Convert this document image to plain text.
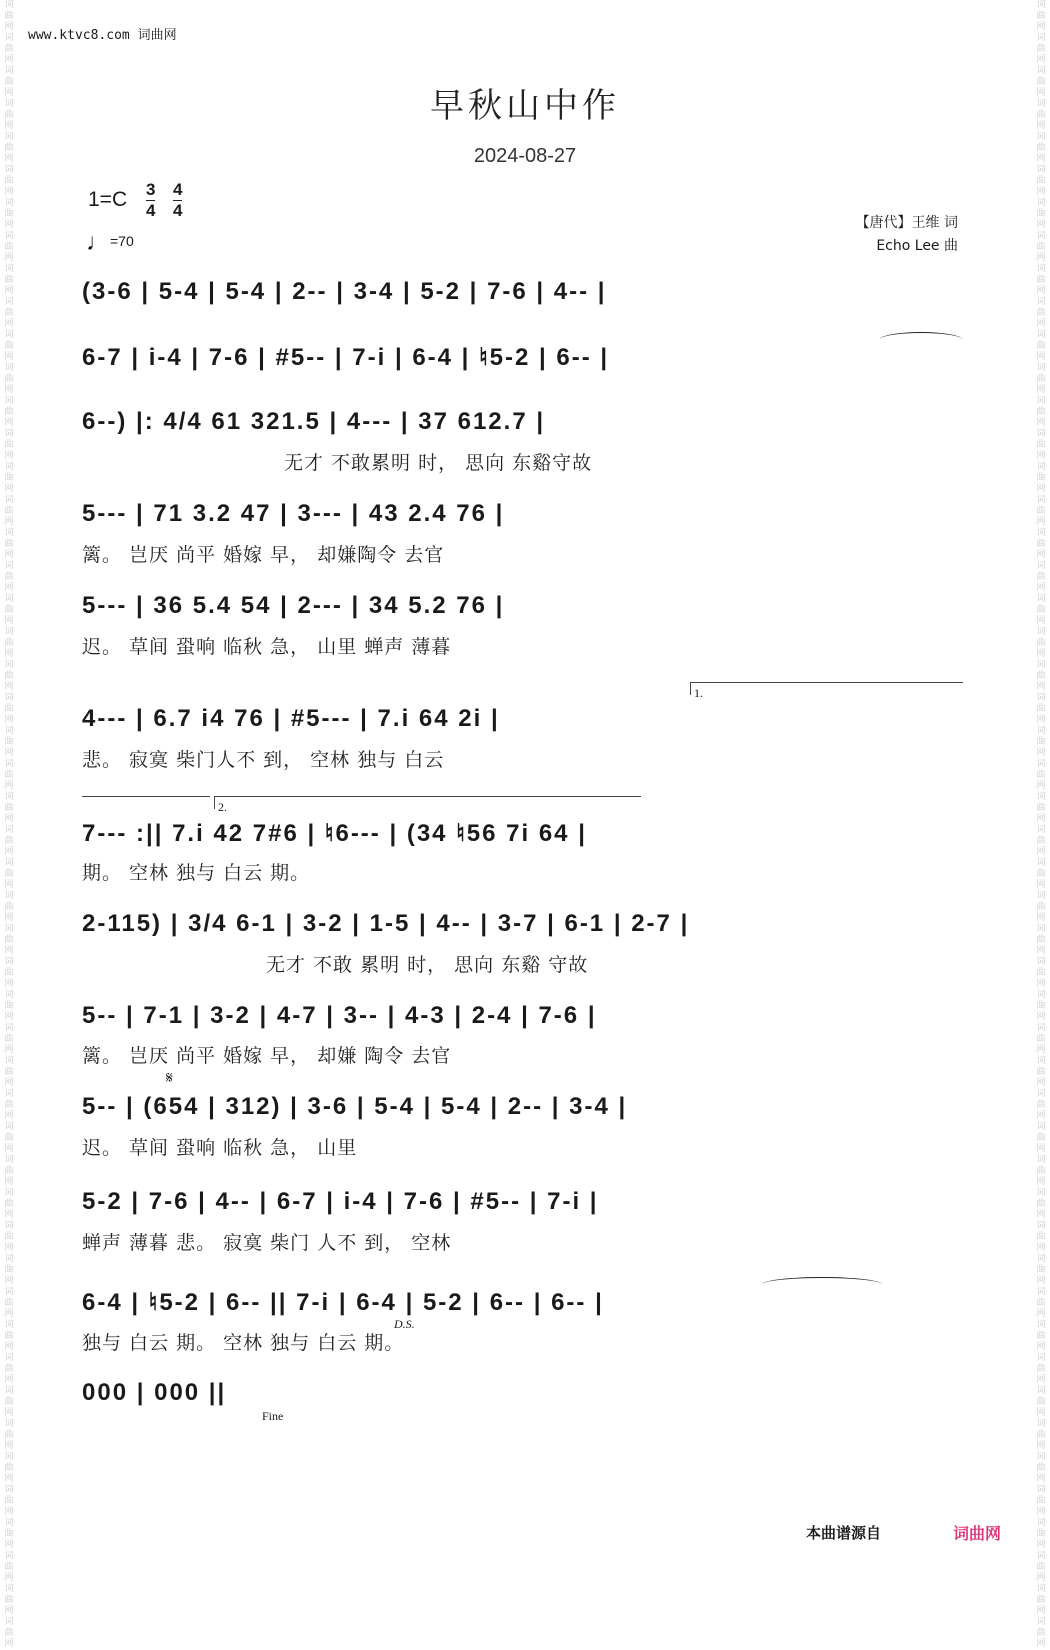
词曲网词曲网词曲网词曲网词曲网词曲网词曲网词曲网词曲网词曲网词曲网词曲网词曲网词曲网词曲网词曲网词曲网词曲网词曲网词曲网词曲网词曲网词曲网词曲网词曲网词曲网词曲网词曲网词曲网词曲网词曲网词曲网词曲网词曲网词曲网词曲网词曲网词曲网词曲网词曲网词曲网词曲网词曲网词曲网词曲网词曲网词曲网词曲网词曲网词曲网
词曲网词曲网词曲网词曲网词曲网词曲网词曲网词曲网词曲网词曲网词曲网词曲网词曲网词曲网词曲网词曲网词曲网词曲网词曲网词曲网词曲网词曲网词曲网词曲网词曲网词曲网词曲网词曲网词曲网词曲网词曲网词曲网词曲网词曲网词曲网词曲网词曲网词曲网词曲网词曲网词曲网词曲网词曲网词曲网词曲网词曲网词曲网词曲网词曲网词曲网
www.ktvc8.com 词曲网
早秋山中作
2024-08-27
1=C 3
4
4
4
♩=70
【唐代】王维 词
Echo Lee 曲
(3-6 | 5-4 | 5-4 | 2-- | 3-4 | 5-2 | 7-6 | 4-- |
6-7 | i-4 | 7-6 | #5-- | 7-i | 6-4 | ♮5-2 | 6-- |
6--) |: 4/4 61 321.5 | 4--- | 37 612.7 |
无才 不敢累明 时， 思向 东谿守故
5--- | 71 3.2 47 | 3--- | 43 2.4 76 |
篱。 岂厌 尚平 婚嫁 早， 却嫌陶令 去官
5--- | 36 5.4 54 | 2--- | 34 5.2 76 |
迟。 草间 蛩响 临秋 急， 山里 蝉声 薄暮
1.
4--- | 6.7 i4 76 | #5--- | 7.i 64 2i |
悲。 寂寞 柴门人不 到， 空林 独与 白云
2.
7--- :|| 7.i 42 7#6 | ♮6--- | (34 ♮56 7i 64 |
期。 空林 独与 白云 期。
2-115) | 3/4 6-1 | 3-2 | 1-5 | 4-- | 3-7 | 6-1 | 2-7 |
无才 不敢 累明 时， 思向 东谿 守故
5-- | 7-1 | 3-2 | 4-7 | 3-- | 4-3 | 2-4 | 7-6 |
篱。 岂厌 尚平 婚嫁 早， 却嫌 陶令 去官
𝄋
5-- | (654 | 312) | 3-6 | 5-4 | 5-4 | 2-- | 3-4 |
迟。 草间 蛩响 临秋 急， 山里
5-2 | 7-6 | 4-- | 6-7 | i-4 | 7-6 | #5-- | 7-i |
蝉声 薄暮 悲。 寂寞 柴门 人不 到， 空林
6-4 | ♮5-2 | 6-- || 7-i | 6-4 | 5-2 | 6-- | 6-- |
D.S.
独与 白云 期。 空林 独与 白云 期。
000 | 000 ||
Fine
本曲谱源自	词曲网
